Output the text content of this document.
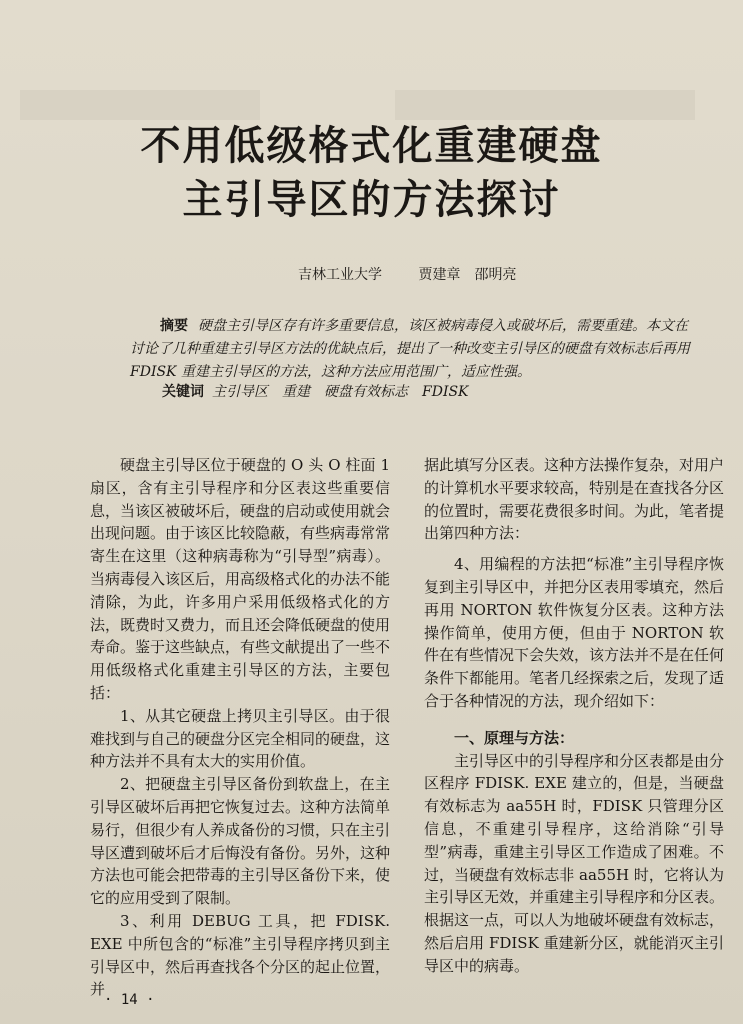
不用低级格式化重建硬盘
主引导区的方法探讨
吉林工业大学	贾建章　邵明亮

摘要 硬盘主引导区存有许多重要信息，该区被病毒侵入或破坏后，需要重建。本文在讨论了几种重建主引导区方法的优缺点后，提出了一种改变主引导区的硬盘有效标志后再用 FDISK 重建主引导区的方法，这种方法应用范围广，适应性强。

关键词 主引导区　重建　硬盘有效标志　FDISK

硬盘主引导区位于硬盘的 O 头 O 柱面 1 扇区，含有主引导程序和分区表这些重要信息，当该区被破坏后，硬盘的启动或使用就会出现问题。由于该区比较隐蔽，有些病毒常常寄生在这里（这种病毒称为“引导型”病毒）。当病毒侵入该区后，用高级格式化的办法不能清除，为此，许多用户采用低级格式化的方法，既费时又费力，而且还会降低硬盘的使用寿命。鉴于这些缺点，有些文献提出了一些不用低级格式化重建主引导区的方法，主要包括：

1、从其它硬盘上拷贝主引导区。由于很难找到与自己的硬盘分区完全相同的硬盘，这种方法并不具有太大的实用价值。

2、把硬盘主引导区备份到软盘上，在主引导区破坏后再把它恢复过去。这种方法简单易行，但很少有人养成备份的习惯，只在主引导区遭到破坏后才后悔没有备份。另外，这种方法也可能会把带毒的主引导区备份下来，使它的应用受到了限制。

3、利用 DEBUG 工具，把 FDISK. EXE 中所包含的“标准”主引导程序拷贝到主引导区中，然后再查找各个分区的起止位置，并

据此填写分区表。这种方法操作复杂，对用户的计算机水平要求较高，特别是在查找各分区的位置时，需要花费很多时间。为此，笔者提出第四种方法：

4、用编程的方法把“标准”主引导程序恢复到主引导区中，并把分区表用零填充，然后再用 NORTON 软件恢复分区表。这种方法操作简单，使用方便，但由于 NORTON 软件在有些情况下会失效，该方法并不是在任何条件下都能用。笔者几经探索之后，发现了适合于各种情况的方法，现介绍如下：

一、原理与方法：

主引导区中的引导程序和分区表都是由分区程序 FDISK. EXE 建立的，但是，当硬盘有效标志为 aa55H 时，FDISK 只管理分区信息，不重建引导程序，这给消除“引导型”病毒，重建主引导区工作造成了困难。不过，当硬盘有效标志非 aa55H 时，它将认为主引导区无效，并重建主引导程序和分区表。根据这一点，可以人为地破坏硬盘有效标志，然后启用 FDISK 重建新分区，就能消灭主引导区中的病毒。

· 14 ·
